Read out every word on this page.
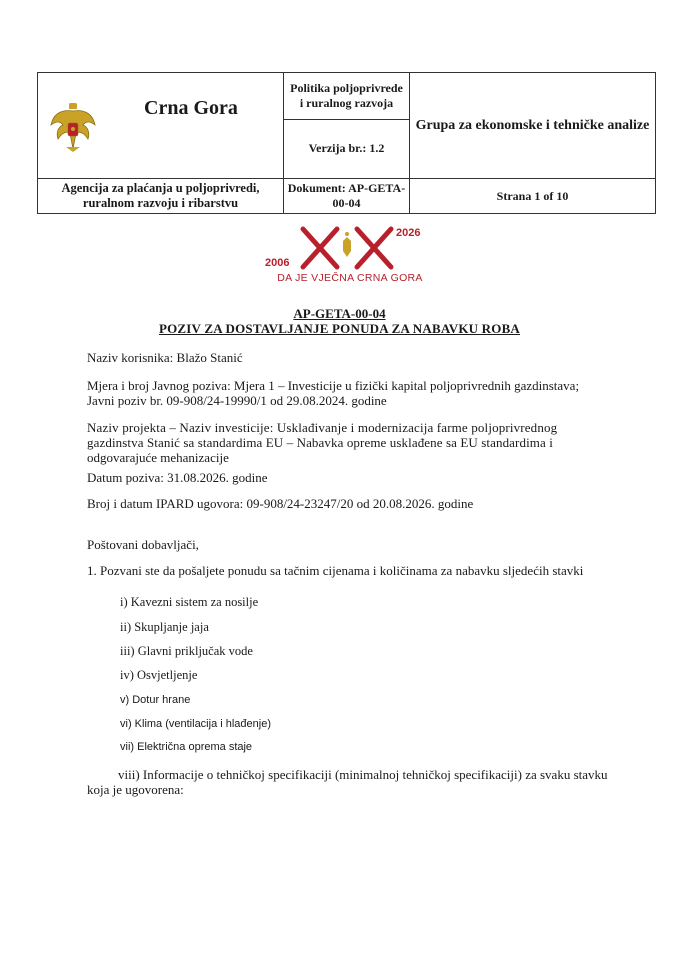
Crna Gora	Politika poljoprivrede i ruralnog razvoja
Verzija br.: 1.2	Grupa za ekonomske i tehničke analize
Agencija za plaćanja u poljoprivredi, ruralnom razvoju i ribarstvu	Dokument: AP-GETA-00-04	Strana 1 of 10
2006
2026
DA JE VJEČNA CRNA GORA
AP-GETA-00-04
POZIV ZA DOSTAVLJANJE PONUDA ZA NABAVKU ROBA
Naziv korisnika: Blažo Stanić
Mjera i broj Javnog poziva: Mjera 1 – Investicije u fizički kapital poljoprivrednih gazdinstava;
Javni poziv br. 09-908/24-19990/1 od 29.08.2024. godine
Naziv projekta – Naziv investicije: Usklađivanje i modernizacija farme poljoprivrednog
gazdinstva Stanić sa standardima EU – Nabavka opreme usklađene sa EU standardima i
odgovarajuće mehanizacije
Datum poziva: 31.08.2026. godine
Broj i datum IPARD ugovora: 09-908/24-23247/20 od 20.08.2026. godine
Poštovani dobavljači,
1. Pozvani ste da pošaljete ponudu sa tačnim cijenama i količinama za nabavku sljedećih stavki
i) Kavezni sistem za nosilje
ii) Skupljanje jaja
iii) Glavni priključak vode
iv) Osvjetljenje
v) Dotur hrane
vi) Klima (ventilacija i hlađenje)
vii) Električna oprema staje
viii) Informacije o tehničkoj specifikaciji (minimalnoj tehničkoj specifikaciji) za svaku stavku
koja je ugovorena:
